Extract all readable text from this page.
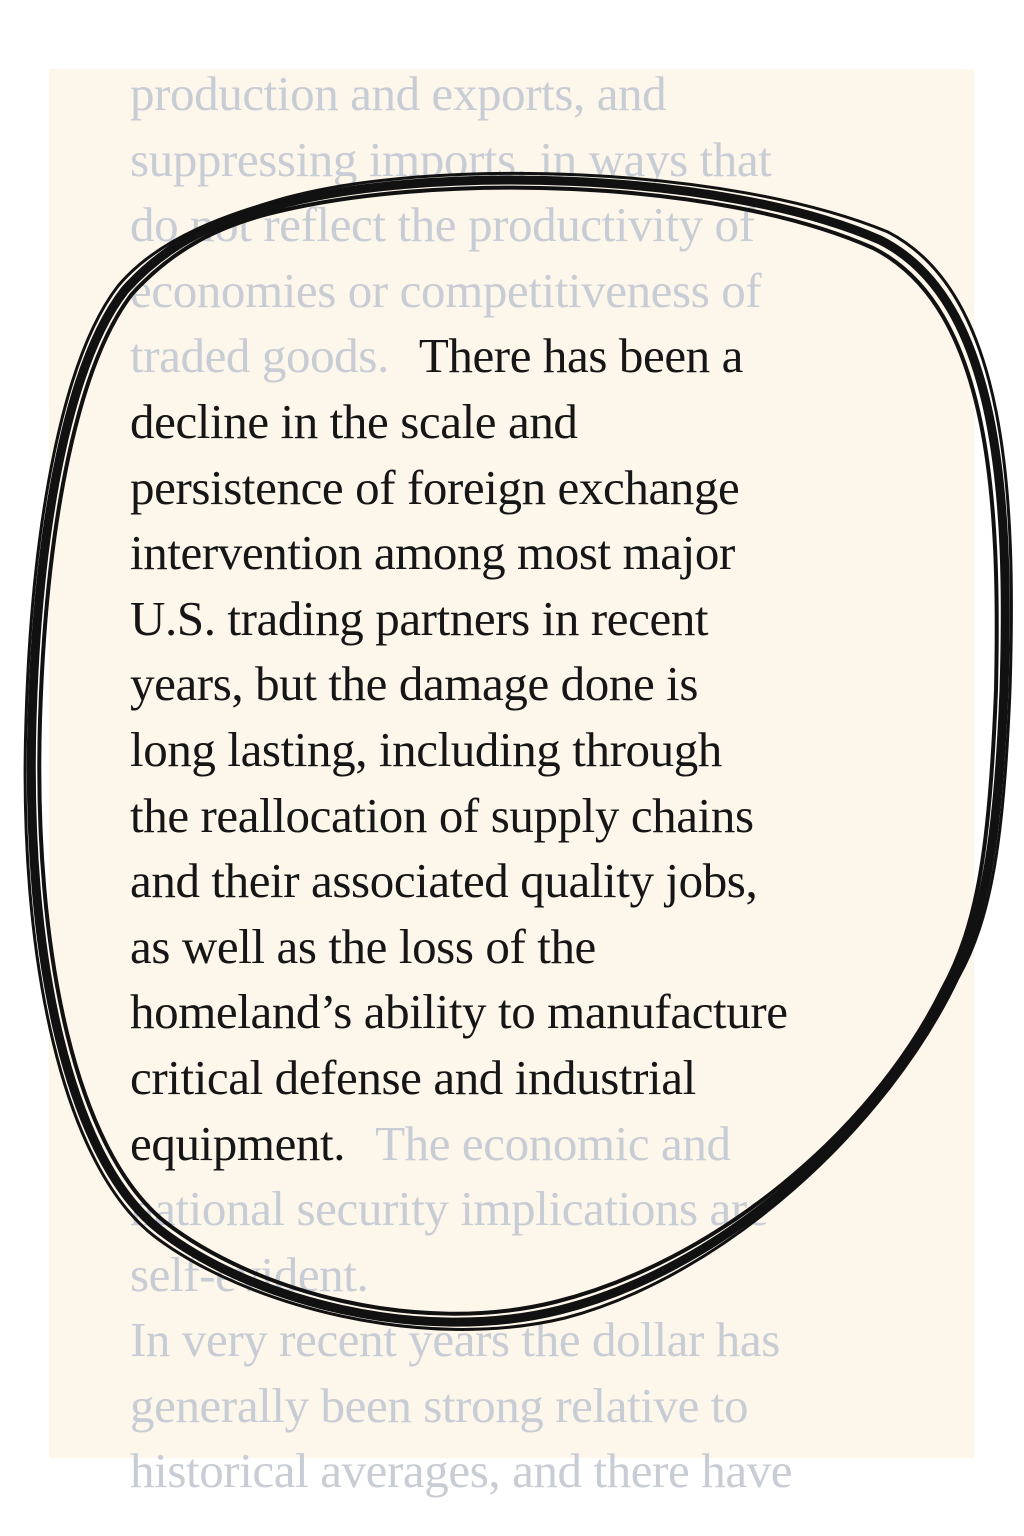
production and exports, and
suppressing imports, in ways that
do not reflect the productivity of
economies or competitiveness of
traded goods. There has been a
decline in the scale and
persistence of foreign exchange
intervention among most major
U.S. trading partners in recent
years, but the damage done is
long lasting, including through
the reallocation of supply chains
and their associated quality jobs,
as well as the loss of the
homeland’s ability to manufacture
critical defense and industrial
equipment. The economic and
national security implications are
self-evident.
In very recent years the dollar has
generally been strong relative to
historical averages, and there have
